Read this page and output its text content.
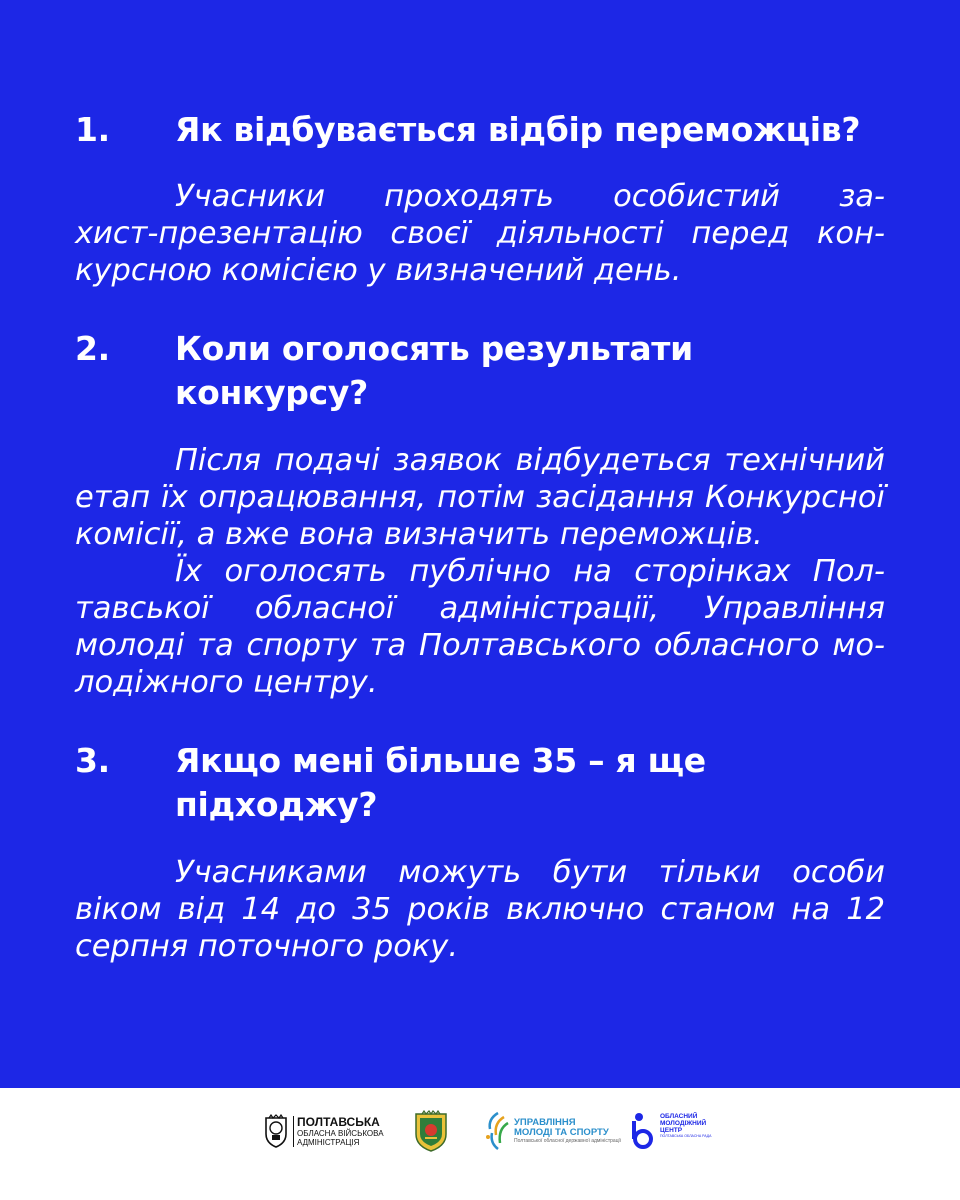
1.	Як відбувається відбір переможців?

Учасники проходять особистий за-
хист-презентацію своєї діяльності перед кон-
курсною комісією у визначений день.

2.	Коли оголосять результати конкурсу?

Після подачі заявок відбудеться технічний
етап їх опрацювання, потім засідання Конкурсної
комісії, а вже вона визначить переможців.
Їх оголосять публічно на сторінках Пол-
тавської обласної адміністрації, Управління
молоді та спорту та Полтавського обласного мо-
лодіжного центру.

3.	Якщо мені більше 35 – я ще підходжу?

Учасниками можуть бути тільки особи
віком від 14 до 35 років включно станом на 12
серпня поточного року.

ПОЛТАВСЬКА
ОБЛАСНА ВІЙСЬКОВА
АДМІНІСТРАЦІЯ
УПРАВЛІННЯ
МОЛОДІ ТА СПОРТУ
Полтавської обласної державної адміністрації
ОБЛАСНИЙ
МОЛОДІЖНИЙ
ЦЕНТР
ПОЛТАВСЬКА ОБЛАСНА РАДА
